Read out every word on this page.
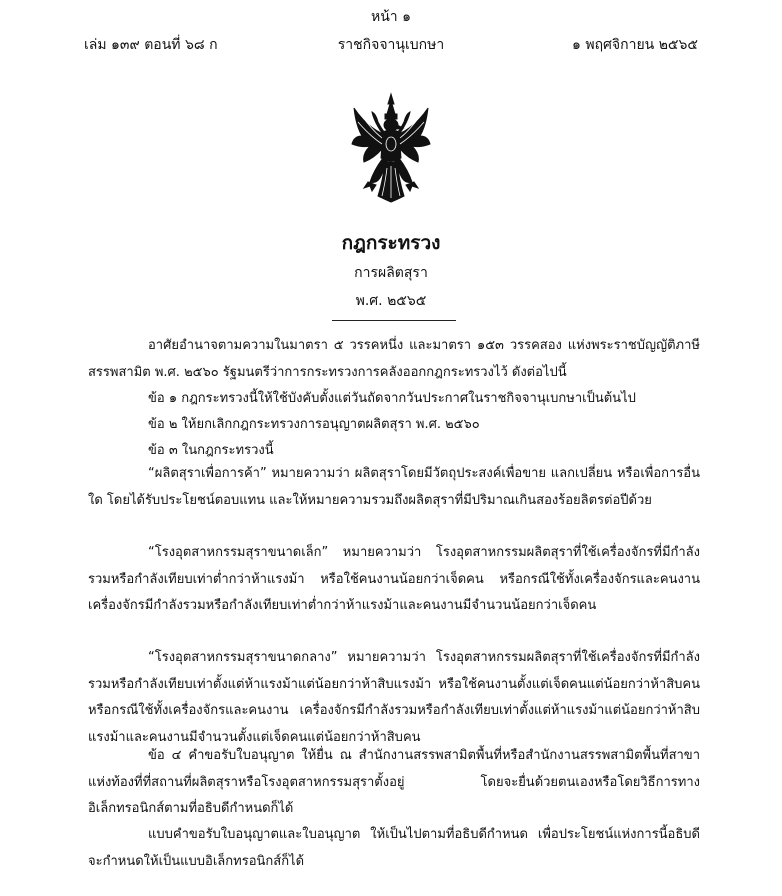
หน้า ๑
เล่ม ๑๓๙ ตอนที่ ๖๘ ก	ราชกิจจานุเบกษา	๑ พฤศจิกายน ๒๕๖๕
กฎกระทรวง
การผลิตสุรา
พ.ศ. ๒๕๖๕
อาศัยอำนาจตามความในมาตรา ๕ วรรคหนึ่ง และมาตรา ๑๕๓ วรรคสอง แห่งพระราชบัญญัติภาษีสรรพสามิต พ.ศ. ๒๕๖๐ รัฐมนตรีว่าการกระทรวงการคลังออกกฎกระทรวงไว้ ดังต่อไปนี้
ข้อ ๑ กฎกระทรวงนี้ให้ใช้บังคับตั้งแต่วันถัดจากวันประกาศในราชกิจจานุเบกษาเป็นต้นไป
ข้อ ๒ ให้ยกเลิกกฎกระทรวงการอนุญาตผลิตสุรา พ.ศ. ๒๕๖๐
ข้อ ๓ ในกฎกระทรวงนี้
“ผลิตสุราเพื่อการค้า” หมายความว่า ผลิตสุราโดยมีวัตถุประสงค์เพื่อขาย แลกเปลี่ยน หรือเพื่อการอื่นใด โดยได้รับประโยชน์ตอบแทน และให้หมายความรวมถึงผลิตสุราที่มีปริมาณเกินสองร้อยลิตรต่อปีด้วย
“โรงอุตสาหกรรมสุราขนาดเล็ก” หมายความว่า โรงอุตสาหกรรมผลิตสุราที่ใช้เครื่องจักรที่มีกำลังรวมหรือกำลังเทียบเท่าต่ำกว่าห้าแรงม้า หรือใช้คนงานน้อยกว่าเจ็ดคน หรือกรณีใช้ทั้งเครื่องจักรและคนงาน เครื่องจักรมีกำลังรวมหรือกำลังเทียบเท่าต่ำกว่าห้าแรงม้าและคนงานมีจำนวนน้อยกว่าเจ็ดคน
“โรงอุตสาหกรรมสุราขนาดกลาง” หมายความว่า โรงอุตสาหกรรมผลิตสุราที่ใช้เครื่องจักรที่มีกำลังรวมหรือกำลังเทียบเท่าตั้งแต่ห้าแรงม้าแต่น้อยกว่าห้าสิบแรงม้า หรือใช้คนงานตั้งแต่เจ็ดคนแต่น้อยกว่าห้าสิบคน หรือกรณีใช้ทั้งเครื่องจักรและคนงาน เครื่องจักรมีกำลังรวมหรือกำลังเทียบเท่าตั้งแต่ห้าแรงม้าแต่น้อยกว่าห้าสิบแรงม้าและคนงานมีจำนวนตั้งแต่เจ็ดคนแต่น้อยกว่าห้าสิบคน
ข้อ ๔ คำขอรับใบอนุญาต ให้ยื่น ณ สำนักงานสรรพสามิตพื้นที่หรือสำนักงานสรรพสามิตพื้นที่สาขาแห่งท้องที่ที่สถานที่ผลิตสุราหรือโรงอุตสาหกรรมสุราตั้งอยู่ โดยจะยื่นด้วยตนเองหรือโดยวิธีการทางอิเล็กทรอนิกส์ตามที่อธิบดีกำหนดก็ได้
แบบคำขอรับใบอนุญาตและใบอนุญาต ให้เป็นไปตามที่อธิบดีกำหนด เพื่อประโยชน์แห่งการนี้อธิบดีจะกำหนดให้เป็นแบบอิเล็กทรอนิกส์ก็ได้
